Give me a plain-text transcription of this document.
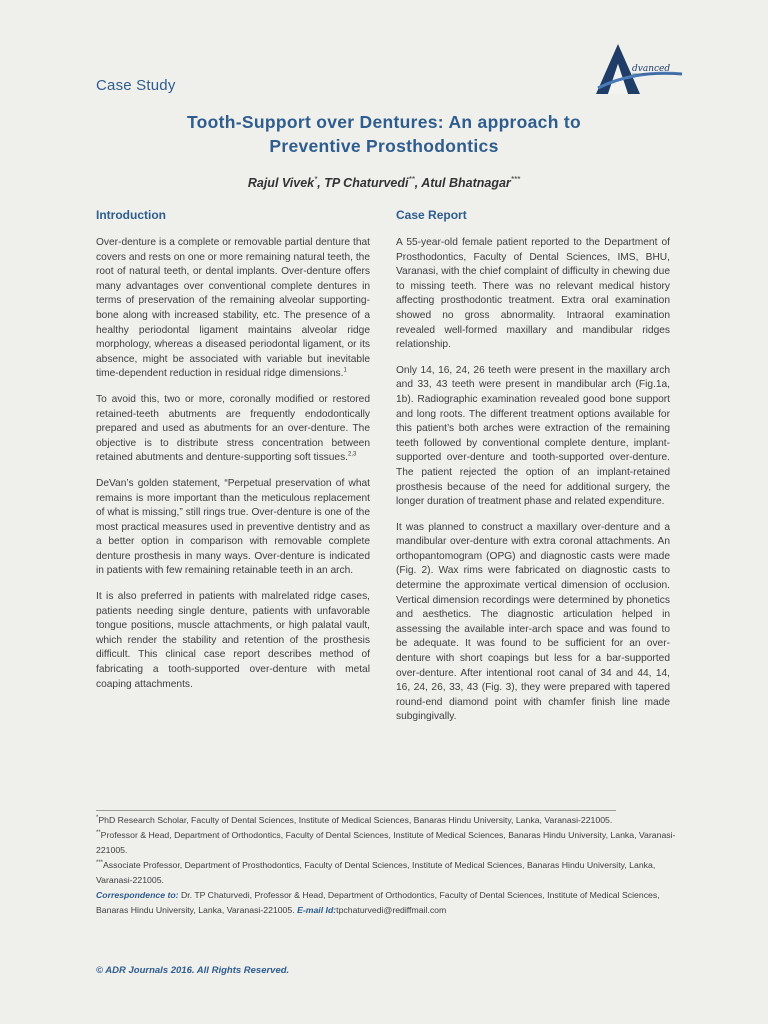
Case Study
dvanced
Tooth-Support over Dentures: An approach to
Preventive Prosthodontics
Rajul Vivek*, TP Chaturvedi**, Atul Bhatnagar***
Introduction

Over-denture is a complete or removable partial denture that covers and rests on one or more remaining natural teeth, the root of natural teeth, or dental implants. Over-denture offers many advantages over conventional complete dentures in terms of preservation of the remaining alveolar supporting-bone along with increased stability, etc. The presence of a healthy periodontal ligament maintains alveolar ridge morphology, whereas a diseased periodontal ligament, or its absence, might be associated with variable but inevitable time-dependent reduction in residual ridge dimensions.$^1$

To avoid this, two or more, coronally modified or restored retained-teeth abutments are frequently endodontically prepared and used as abutments for an over-denture. The objective is to distribute stress concentration between retained abutments and denture-supporting soft tissues.$^{2,3}$

DeVan’s golden statement, “Perpetual preservation of what remains is more important than the meticulous replacement of what is missing,” still rings true. Over-denture is one of the most practical measures used in preventive dentistry and as a better option in comparison with removable complete denture prosthesis in many ways. Over-denture is indicated in patients with few remaining retainable teeth in an arch.

It is also preferred in patients with malrelated ridge cases, patients needing single denture, patients with unfavorable tongue positions, muscle attachments, or high palatal vault, which render the stability and retention of the prosthesis difficult. This clinical case report describes method of fabricating a tooth-supported over-denture with metal coaping attachments.

Case Report

A 55-year-old female patient reported to the Department of Prosthodontics, Faculty of Dental Sciences, IMS, BHU, Varanasi, with the chief complaint of difficulty in chewing due to missing teeth. There was no relevant medical history affecting prosthodontic treatment. Extra oral examination showed no gross abnormality. Intraoral examination revealed well-formed maxillary and mandibular ridges relationship.

Only 14, 16, 24, 26 teeth were present in the maxillary arch and 33, 43 teeth were present in mandibular arch (Fig.1a, 1b). Radiographic examination revealed good bone support and long roots. The different treatment options available for this patient’s both arches were extraction of the remaining teeth followed by conventional complete denture, implant-supported over-denture and tooth-supported over-denture. The patient rejected the option of an implant-retained prosthesis because of the need for additional surgery, the longer duration of treatment phase and related expenditure.

It was planned to construct a maxillary over-denture and a mandibular over-denture with extra coronal attachments. An orthopantomogram (OPG) and diagnostic casts were made (Fig. 2). Wax rims were fabricated on diagnostic casts to determine the approximate vertical dimension of occlusion. Vertical dimension recordings were determined by phonetics and aesthetics. The diagnostic articulation helped in assessing the available inter-arch space and was found to be adequate. It was found to be sufficient for an over-denture with short coapings but less for a bar-supported over-denture. After intentional root canal of 34 and 44, 14, 16, 24, 26, 33, 43 (Fig. 3), they were prepared with tapered round-end diamond point with chamfer finish line made subgingivally.

*PhD Research Scholar, Faculty of Dental Sciences, Institute of Medical Sciences, Banaras Hindu University, Lanka, Varanasi-221005.

**Professor & Head, Department of Orthodontics, Faculty of Dental Sciences, Institute of Medical Sciences, Banaras Hindu University, Lanka, Varanasi-221005.

***Associate Professor, Department of Prosthodontics, Faculty of Dental Sciences, Institute of Medical Sciences, Banaras Hindu University, Lanka, Varanasi-221005.

Correspondence to: Dr. TP Chaturvedi, Professor & Head, Department of Orthodontics, Faculty of Dental Sciences, Institute of Medical Sciences, Banaras Hindu University, Lanka, Varanasi-221005. E-mail Id:tpchaturvedi@rediffmail.com

© ADR Journals 2016. All Rights Reserved.
